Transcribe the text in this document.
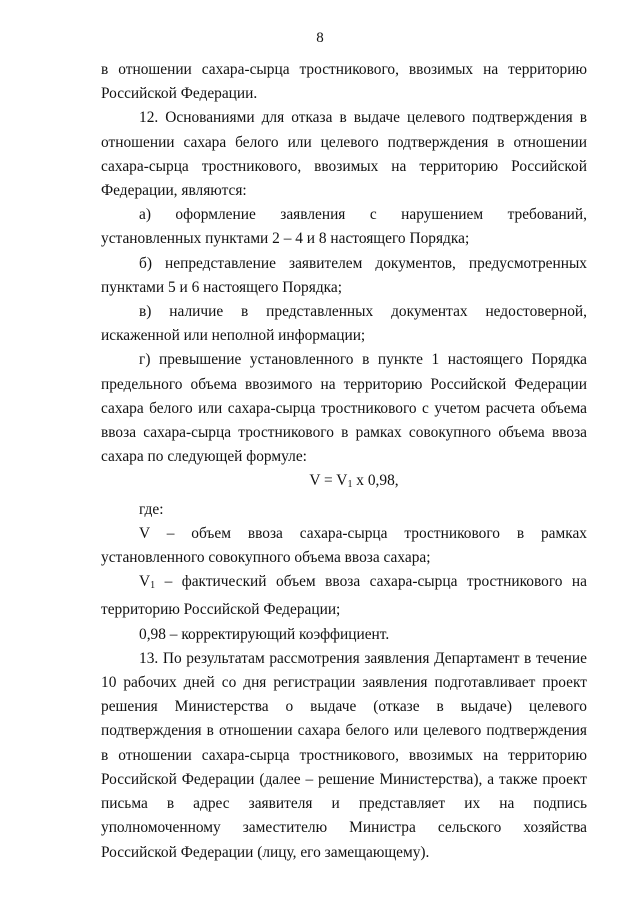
8

в отношении сахара-сырца тростникового, ввозимых на территорию Российской Федерации.

12. Основаниями для отказа в выдаче целевого подтверждения в отношении сахара белого или целевого подтверждения в отношении сахара-сырца тростникового, ввозимых на территорию Российской Федерации, являются:

а) оформление заявления с нарушением требований, установленных пунктами 2 – 4 и 8 настоящего Порядка;

б) непредставление заявителем документов, предусмотренных пунктами 5 и 6 настоящего Порядка;

в) наличие в представленных документах недостоверной, искаженной или неполной информации;

г) превышение установленного в пункте 1 настоящего Порядка предельного объема ввозимого на территорию Российской Федерации сахара белого или сахара-сырца тростникового с учетом расчета объема ввоза сахара-сырца тростникового в рамках совокупного объема ввоза сахара по следующей формуле:

$V = V_1$ x 0,98,

где:

V – объем ввоза сахара-сырца тростникового в рамках установленного совокупного объема ввоза сахара;

$V_1$ – фактический объем ввоза сахара-сырца тростникового на территорию Российской Федерации;

0,98 – корректирующий коэффициент.

13. По результатам рассмотрения заявления Департамент в течение 10 рабочих дней со дня регистрации заявления подготавливает проект решения Министерства о выдаче (отказе в выдаче) целевого подтверждения в отношении сахара белого или целевого подтверждения в отношении сахара-сырца тростникового, ввозимых на территорию Российской Федерации (далее – решение Министерства), а также проект письма в адрес заявителя и представляет их на подпись уполномоченному заместителю Министра сельского хозяйства Российской Федерации (лицу, его замещающему).
